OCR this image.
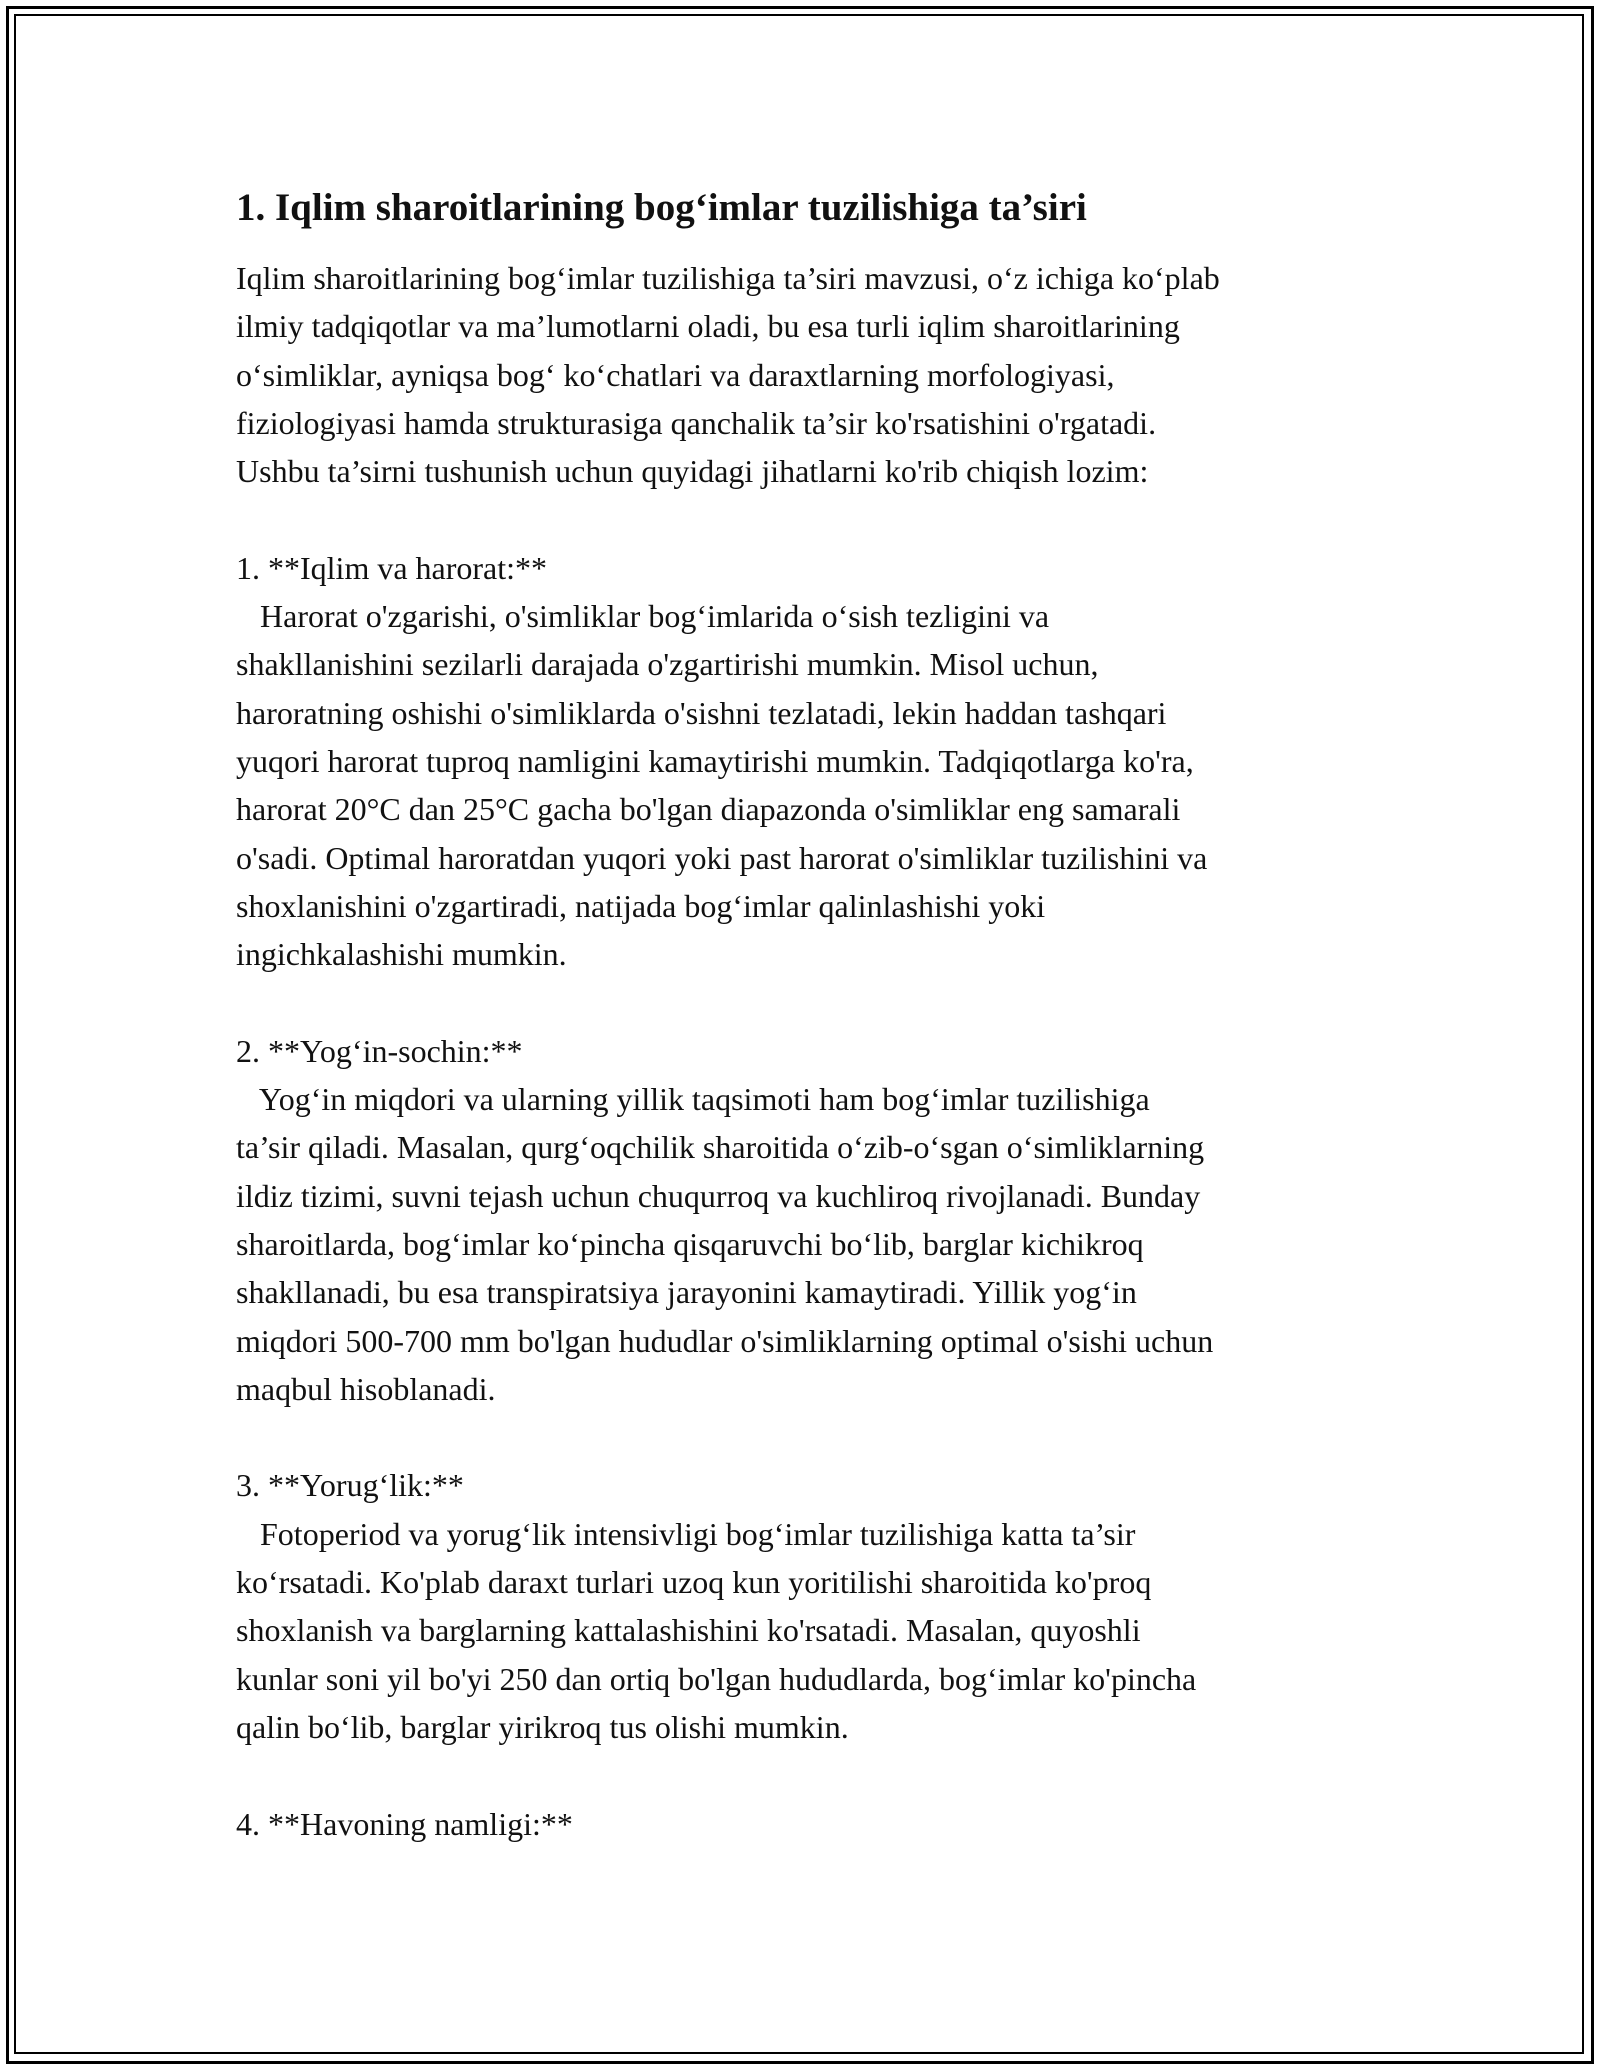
1. Iqlim sharoitlarining bog‘imlar tuzilishiga ta’siri

Iqlim sharoitlarining bog‘imlar tuzilishiga ta’siri mavzusi, o‘z ichiga ko‘plab
ilmiy tadqiqotlar va ma’lumotlarni oladi, bu esa turli iqlim sharoitlarining
o‘simliklar, ayniqsa bog‘ ko‘chatlari va daraxtlarning morfologiyasi,
fiziologiyasi hamda strukturasiga qanchalik ta’sir ko'rsatishini o'rgatadi.
Ushbu ta’sirni tushunish uchun quyidagi jihatlarni ko'rib chiqish lozim:

1. **Iqlim va harorat:**

Harorat o'zgarishi, o'simliklar bog‘imlarida o‘sish tezligini va
shakllanishini sezilarli darajada o'zgartirishi mumkin. Misol uchun,
haroratning oshishi o'simliklarda o'sishni tezlatadi, lekin haddan tashqari
yuqori harorat tuproq namligini kamaytirishi mumkin. Tadqiqotlarga ko'ra,
harorat 20°C dan 25°C gacha bo'lgan diapazonda o'simliklar eng samarali
o'sadi. Optimal haroratdan yuqori yoki past harorat o'simliklar tuzilishini va
shoxlanishini o'zgartiradi, natijada bog‘imlar qalinlashishi yoki
ingichkalashishi mumkin.

2. **Yog‘in-sochin:**

Yog‘in miqdori va ularning yillik taqsimoti ham bog‘imlar tuzilishiga
ta’sir qiladi. Masalan, qurg‘oqchilik sharoitida o‘zib-o‘sgan o‘simliklarning
ildiz tizimi, suvni tejash uchun chuqurroq va kuchliroq rivojlanadi. Bunday
sharoitlarda, bog‘imlar ko‘pincha qisqaruvchi bo‘lib, barglar kichikroq
shakllanadi, bu esa transpiratsiya jarayonini kamaytiradi. Yillik yog‘in
miqdori 500-700 mm bo'lgan hududlar o'simliklarning optimal o'sishi uchun
maqbul hisoblanadi.

3. **Yorug‘lik:**

Fotoperiod va yorug‘lik intensivligi bog‘imlar tuzilishiga katta ta’sir
ko‘rsatadi. Ko'plab daraxt turlari uzoq kun yoritilishi sharoitida ko'proq
shoxlanish va barglarning kattalashishini ko'rsatadi. Masalan, quyoshli
kunlar soni yil bo'yi 250 dan ortiq bo'lgan hududlarda, bog‘imlar ko'pincha
qalin bo‘lib, barglar yirikroq tus olishi mumkin.

4. **Havoning namligi:**
